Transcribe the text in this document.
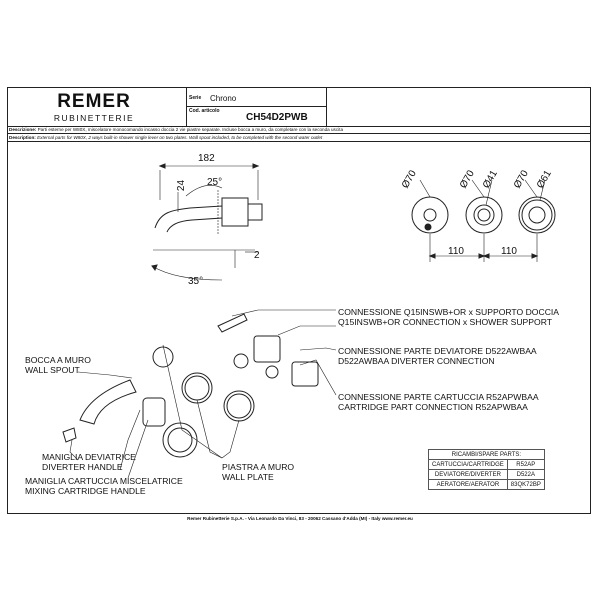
REMER
RUBINETTERIE
Serie Chrono
Cod. articolo
CH54D2PWB
Descrizione: Parti esterne per W80X, miscelatore monocomando incasso doccia 2 vie piastre separate. Incluse bocca a muro, da completare con la seconda uscita
Description: External parts for W80X, 2 ways built-in shower single lever on two plates. Wall spout included, to be completed with the second water outlet
182
24 25°
2
35°
Ø70	Ø70 Ø41 Ø70 Ø61
110	110
CONNESSIONE Q15INSWB+OR x SUPPORTO DOCCIA
Q15INSWB+OR CONNECTION x SHOWER SUPPORT
CONNESSIONE PARTE DEVIATORE D522AWBAA
D522AWBAA DIVERTER CONNECTION
CONNESSIONE PARTE CARTUCCIA R52APWBAA
CARTRIDGE PART CONNECTION R52APWBAA
BOCCA A MURO
WALL SPOUT
MANIGLIA DEVIATRICE
DIVERTER HANDLE
MANIGLIA CARTUCCIA MISCELATRICE
MIXING CARTRIDGE HANDLE
PIASTRA A MURO
WALL PLATE
RICAMBI/SPARE PARTS:	
CARTUCCIA/CARTRIDGE	R52AP
DEVIATORE/DIVERTER	D522A
AERATORE/AERATOR	83QK72BP
Remer Rubinetterie S.p.A. - Via Leonardo Da Vinci, 83 - 20062 Cassano d'Adda (MI) - Italy www.remer.eu
